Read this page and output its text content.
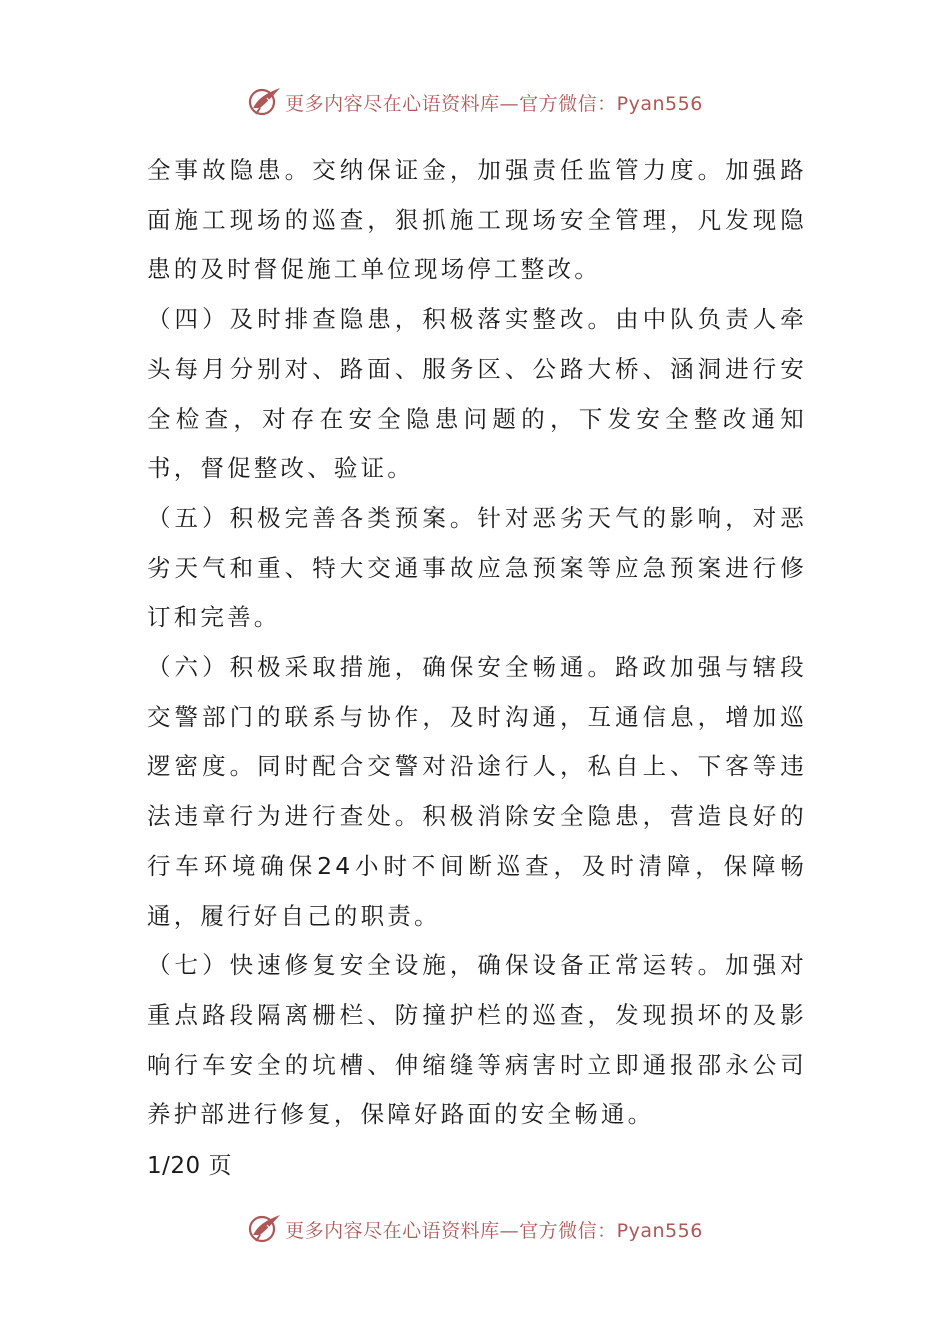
更多内容尽在心语资料库—官方微信：Pyan556

全事故隐患。交纳保证金，加强责任监管力度。加强路面施工现场的巡查，狠抓施工现场安全管理，凡发现隐患的及时督促施工单位现场停工整改。

（四）及时排查隐患，积极落实整改。由中队负责人牵头每月分别对、路面、服务区、公路大桥、涵洞进行安全检查，对存在安全隐患问题的，下发安全整改通知书，督促整改、验证。

（五）积极完善各类预案。针对恶劣天气的影响，对恶劣天气和重、特大交通事故应急预案等应急预案进行修订和完善。

（六）积极采取措施，确保安全畅通。路政加强与辖段交警部门的联系与协作，及时沟通，互通信息，增加巡逻密度。同时配合交警对沿途行人，私自上、下客等违法违章行为进行查处。积极消除安全隐患，营造良好的行车环境确保24小时不间断巡查，及时清障，保障畅通，履行好自己的职责。

（七）快速修复安全设施，确保设备正常运转。加强对重点路段隔离栅栏、防撞护栏的巡查，发现损坏的及影响行车安全的坑槽、伸缩缝等病害时立即通报邵永公司养护部进行修复，保障好路面的安全畅通。

1/20 页
更多内容尽在心语资料库—官方微信：Pyan556
